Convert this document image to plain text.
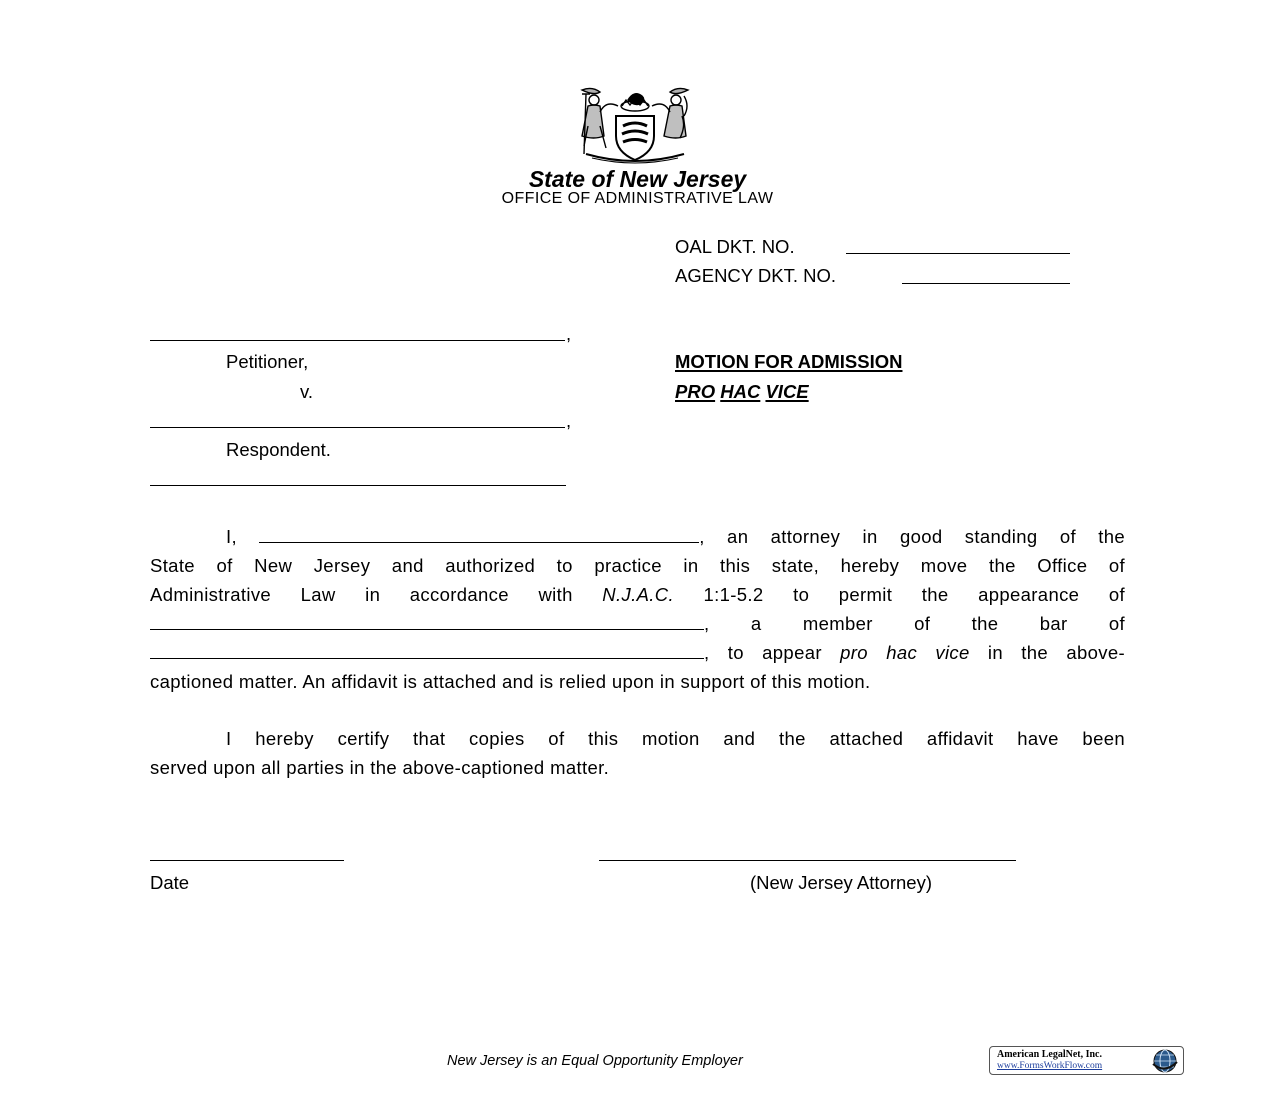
State of New Jersey
OFFICE OF ADMINISTRATIVE LAW
OAL DKT. NO.
AGENCY DKT. NO.
,
Petitioner,
v.
,
Respondent.
MOTION FOR ADMISSION
PRO HAC VICE
I,	, an attorney in good standing of the
State of New Jersey and authorized to practice in this state, hereby move the Office of
Administrative Law in accordance with N.J.A.C. 1:1-5.2 to permit the appearance of
, a member of the bar of
, to appear pro hac vice in the above-
captioned matter. An affidavit is attached and is relied upon in support of this motion.
I hereby certify that copies of this motion and the attached affidavit have been
served upon all parties in the above-captioned matter.
Date	(New Jersey Attorney)
New Jersey is an Equal Opportunity Employer	American LegalNet, Inc.
www.FormsWorkFlow.com
